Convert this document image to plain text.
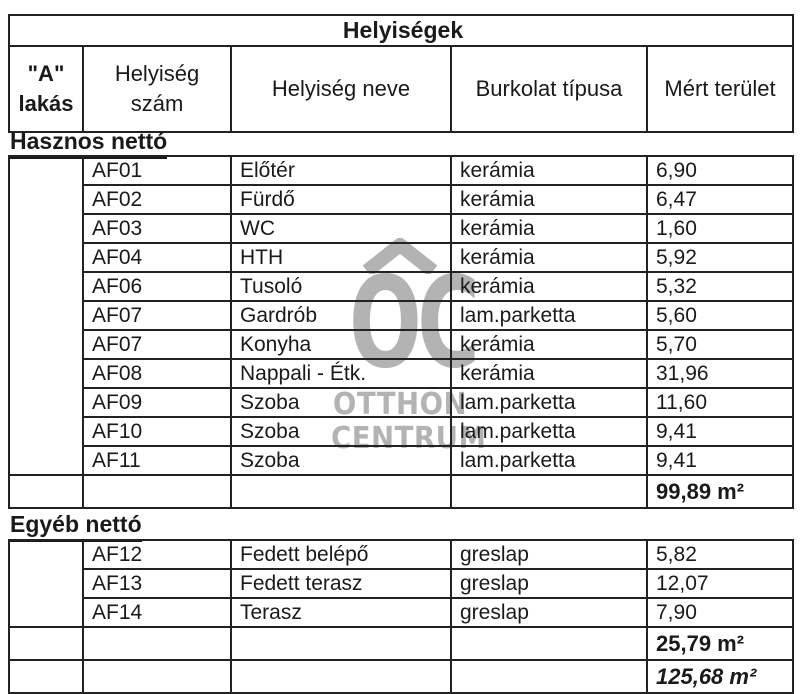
OC
OTTHON
CENTRUM
Helyiségek
"A" lakás	Helyiség szám	Helyiség neve	Burkolat típusa	Mért terület
Hasznos nettó
	AF01	Előtér	kerámia	6,90
	AF02	Fürdő	kerámia	6,47
	AF03	WC	kerámia	1,60
	AF04	HTH	kerámia	5,92
	AF06	Tusoló	kerámia	5,32
	AF07	Gardrób	lam.parketta	5,60
	AF07	Konyha	kerámia	5,70
	AF08	Nappali - Étk.	kerámia	31,96
	AF09	Szoba	lam.parketta	11,60
	AF10	Szoba	lam.parketta	9,41
	AF11	Szoba	lam.parketta	9,41
				99,89 m²
Egyéb nettó
	AF12	Fedett belépő	greslap	5,82
	AF13	Fedett terasz	greslap	12,07
	AF14	Terasz	greslap	7,90
				25,79 m²
				125,68 m²
